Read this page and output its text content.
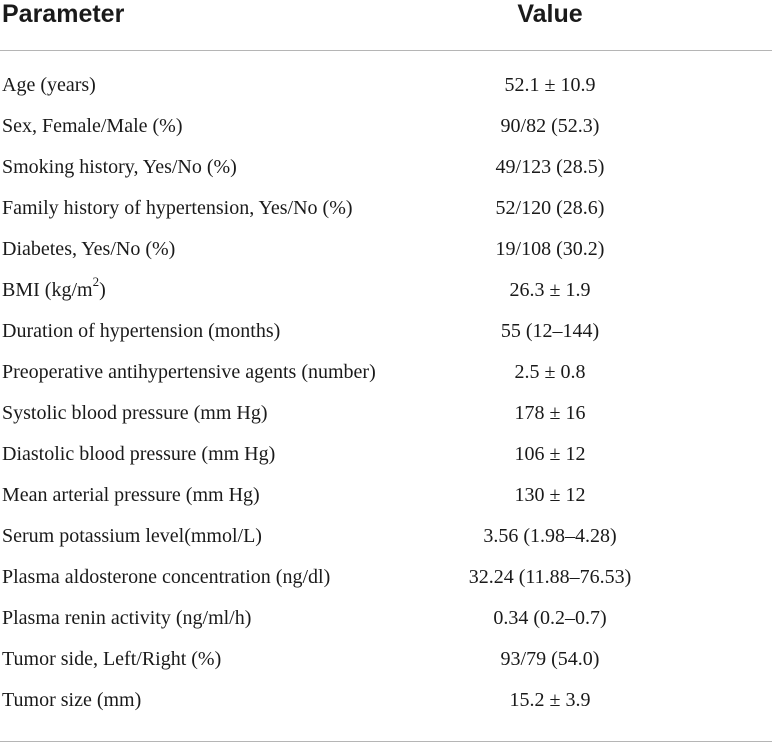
Parameter	Value
Age (years)	52.1 ± 10.9
Sex, Female/Male (%)	90/82 (52.3)
Smoking history, Yes/No (%)	49/123 (28.5)
Family history of hypertension, Yes/No (%)	52/120 (28.6)
Diabetes, Yes/No (%)	19/108 (30.2)
BMI $(kg/m^2)$	26.3 ± 1.9
Duration of hypertension (months)	55 (12–144)
Preoperative antihypertensive agents (number)	2.5 ± 0.8
Systolic blood pressure (mm Hg)	178 ± 16
Diastolic blood pressure (mm Hg)	106 ± 12
Mean arterial pressure (mm Hg)	130 ± 12
Serum potassium level(mmol/L)	3.56 (1.98–4.28)
Plasma aldosterone concentration (ng/dl)	32.24 (11.88–76.53)
Plasma renin activity (ng/ml/h)	0.34 (0.2–0.7)
Tumor side, Left/Right (%)	93/79 (54.0)
Tumor size (mm)	15.2 ± 3.9
